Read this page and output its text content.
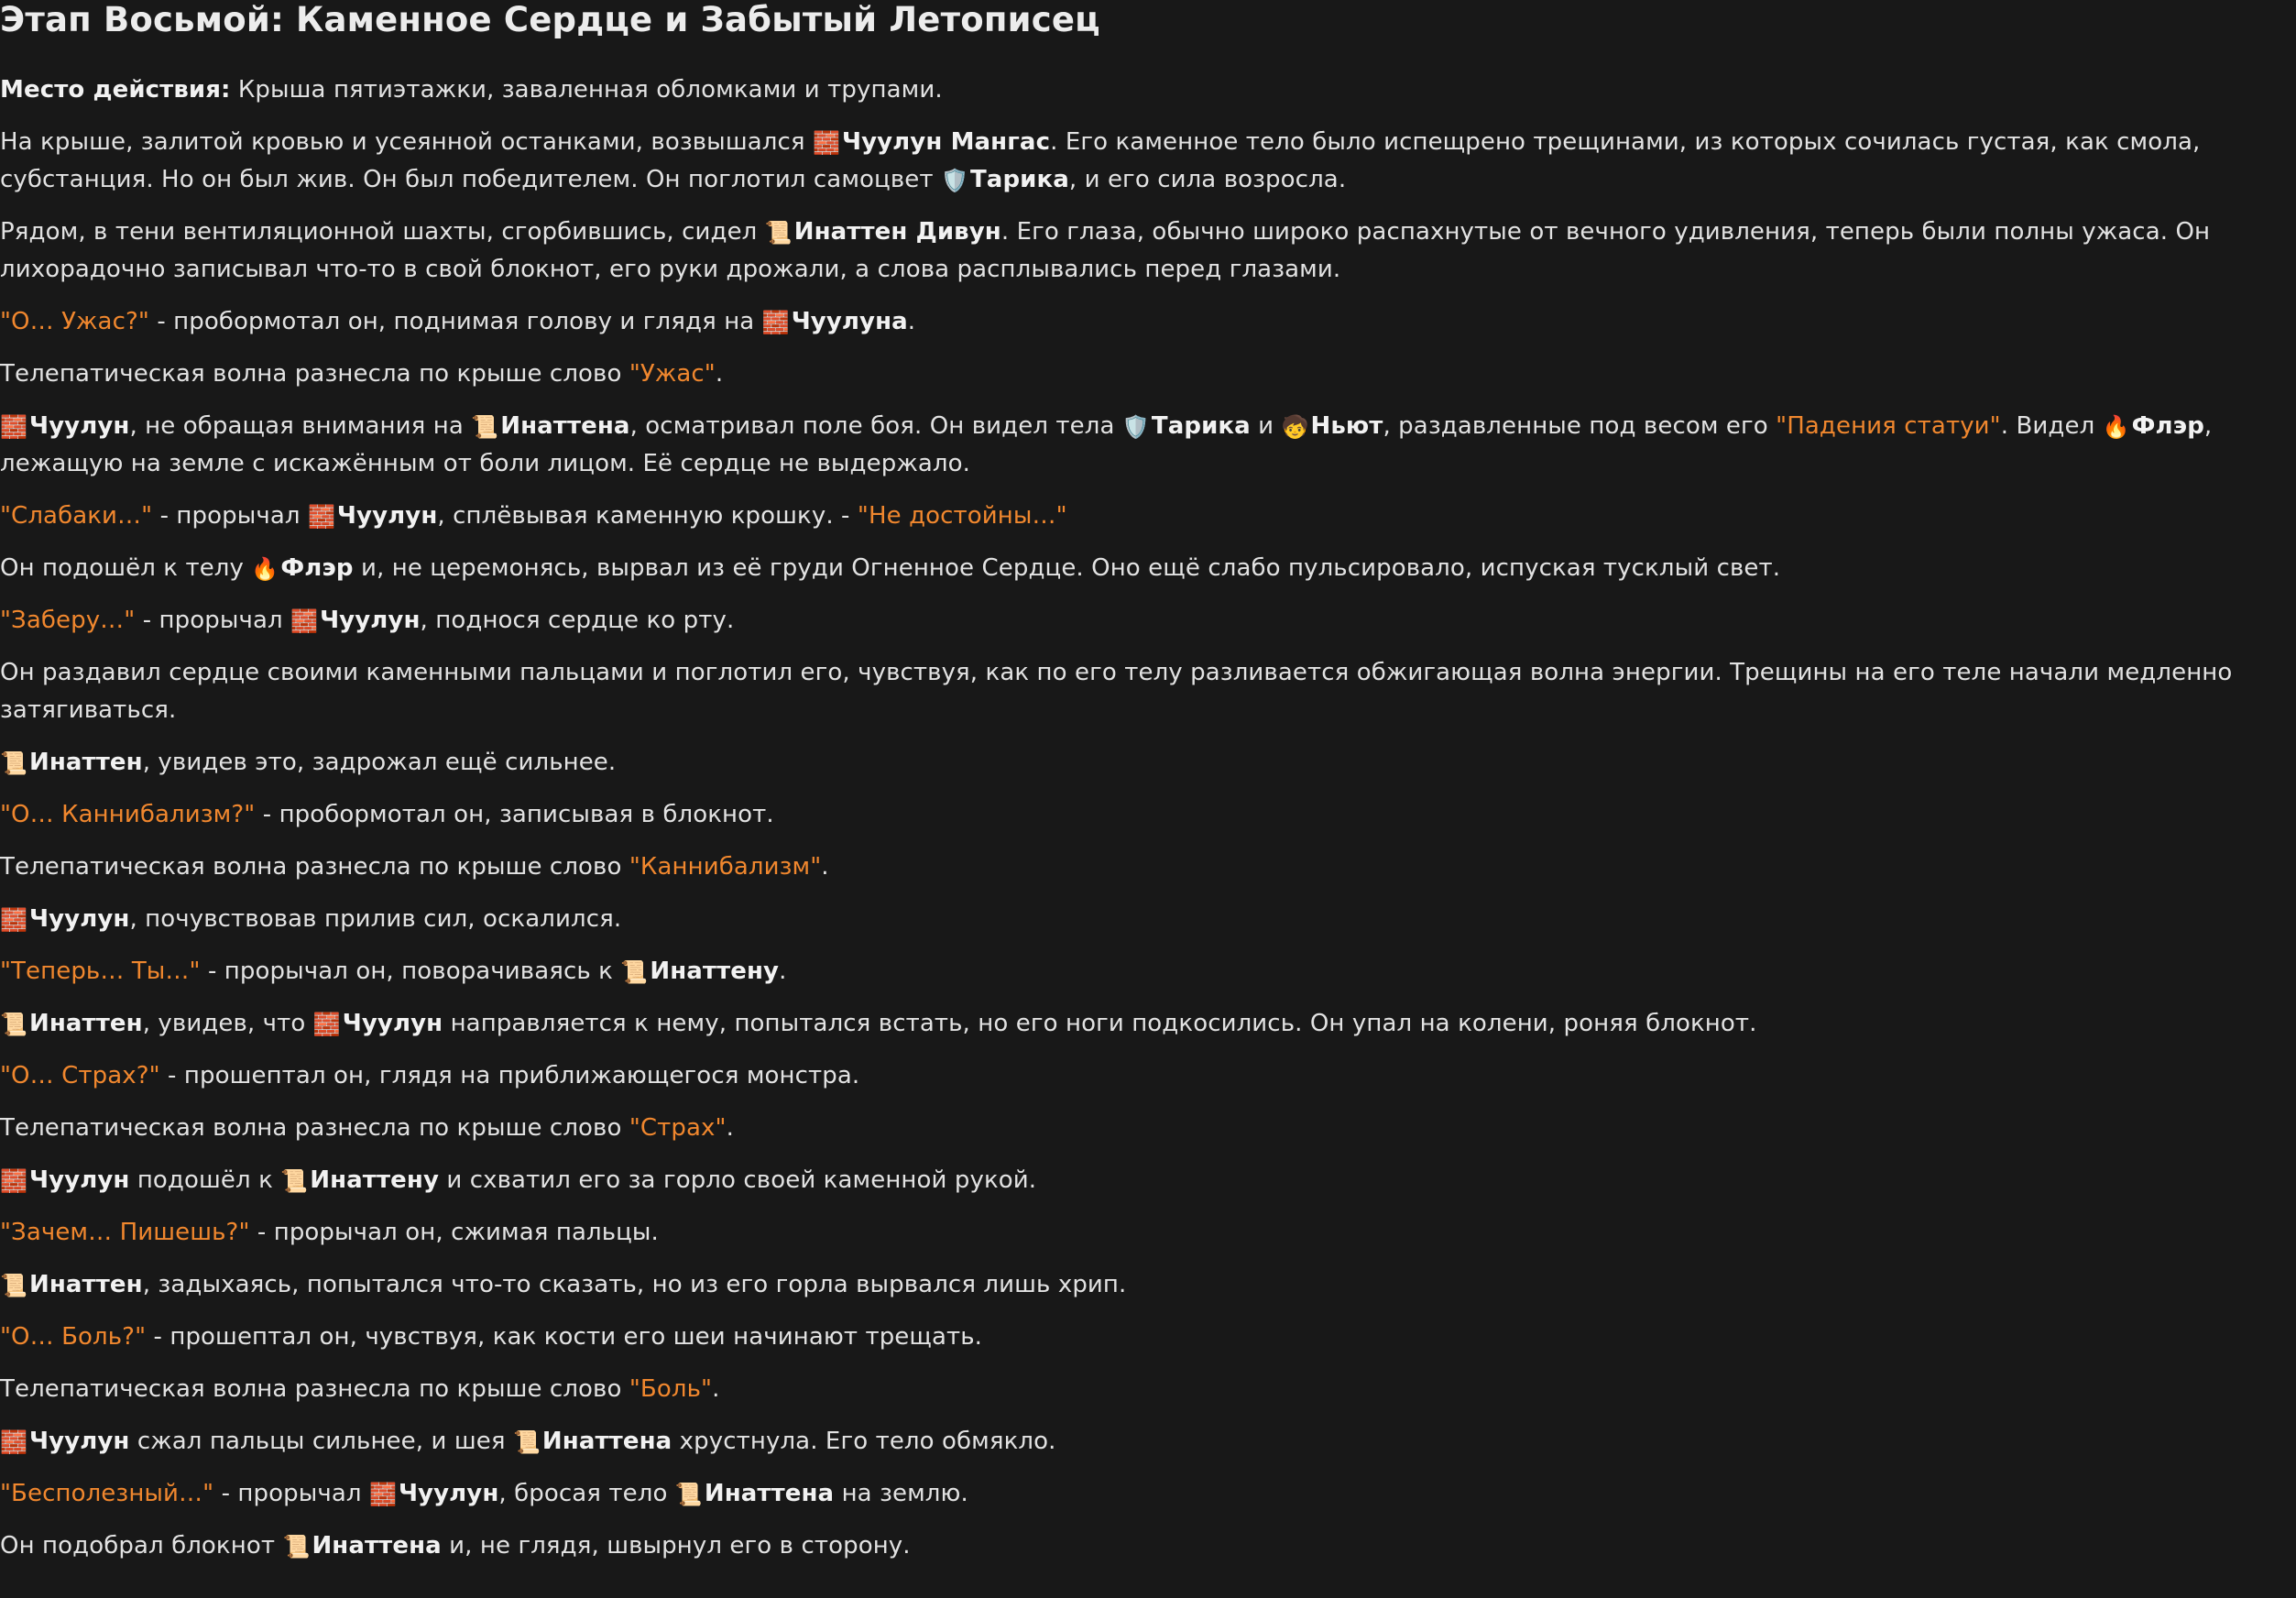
Этап Восьмой: Каменное Сердце и Забытый Летописец

Место действия: Крыша пятиэтажки, заваленная обломками и трупами.

На крыше, залитой кровью и усеянной останками, возвышался 🧱Чуулун Мангас. Его каменное тело было испещрено трещинами, из которых сочилась густая, как смола, субстанция. Но он был жив. Он был победителем. Он поглотил самоцвет 🛡️Тарика, и его сила возросла.

Рядом, в тени вентиляционной шахты, сгорбившись, сидел 📜Инаттен Дивун. Его глаза, обычно широко распахнутые от вечного удивления, теперь были полны ужаса. Он лихорадочно записывал что-то в свой блокнот, его руки дрожали, а слова расплывались перед глазами.

"О… Ужас?" - пробормотал он, поднимая голову и глядя на 🧱Чуулуна.

Телепатическая волна разнесла по крыше слово "Ужас".

🧱Чуулун, не обращая внимания на 📜Инаттена, осматривал поле боя. Он видел тела 🛡️Тарика и 🧒Ньют, раздавленные под весом его "Падения статуи". Видел 🔥Флэр, лежащую на земле с искажённым от боли лицом. Её сердце не выдержало.

"Слабаки…" - прорычал 🧱Чуулун, сплёвывая каменную крошку. - "Не достойны…"

Он подошёл к телу 🔥Флэр и, не церемонясь, вырвал из её груди Огненное Сердце. Оно ещё слабо пульсировало, испуская тусклый свет.

"Заберу…" - прорычал 🧱Чуулун, поднося сердце ко рту.

Он раздавил сердце своими каменными пальцами и поглотил его, чувствуя, как по его телу разливается обжигающая волна энергии. Трещины на его теле начали медленно затягиваться.

📜Инаттен, увидев это, задрожал ещё сильнее.

"О… Каннибализм?" - пробормотал он, записывая в блокнот.

Телепатическая волна разнесла по крыше слово "Каннибализм".

🧱Чуулун, почувствовав прилив сил, оскалился.

"Теперь… Ты…" - прорычал он, поворачиваясь к 📜Инаттену.

📜Инаттен, увидев, что 🧱Чуулун направляется к нему, попытался встать, но его ноги подкосились. Он упал на колени, роняя блокнот.

"О… Страх?" - прошептал он, глядя на приближающегося монстра.

Телепатическая волна разнесла по крыше слово "Страх".

🧱Чуулун подошёл к 📜Инаттену и схватил его за горло своей каменной рукой.

"Зачем… Пишешь?" - прорычал он, сжимая пальцы.

📜Инаттен, задыхаясь, попытался что-то сказать, но из его горла вырвался лишь хрип.

"О… Боль?" - прошептал он, чувствуя, как кости его шеи начинают трещать.

Телепатическая волна разнесла по крыше слово "Боль".

🧱Чуулун сжал пальцы сильнее, и шея 📜Инаттена хрустнула. Его тело обмякло.

"Бесполезный…" - прорычал 🧱Чуулун, бросая тело 📜Инаттена на землю.

Он подобрал блокнот 📜Инаттена и, не глядя, швырнул его в сторону.
